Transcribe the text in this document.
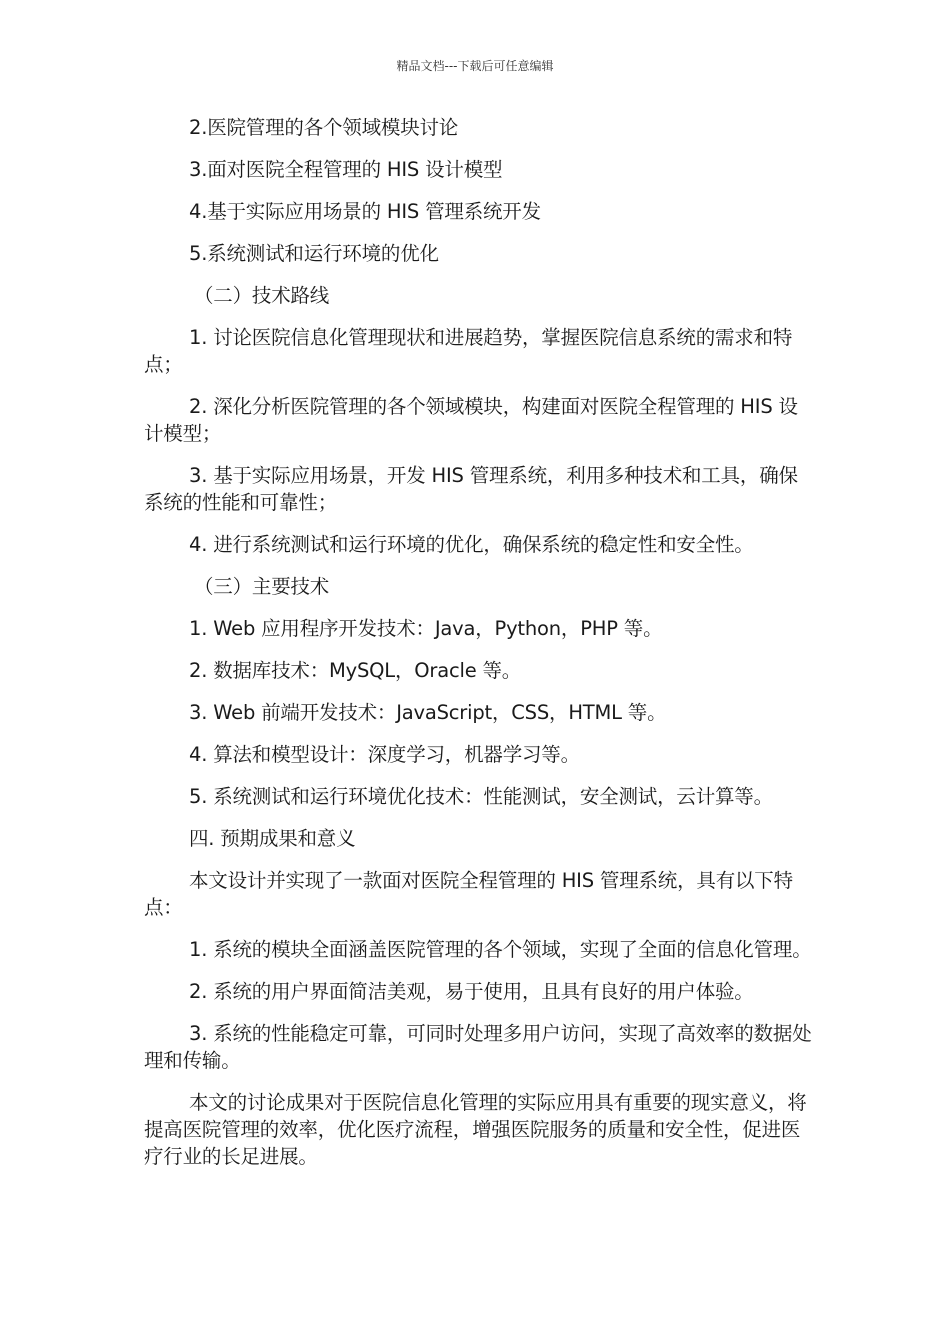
精品文档---下载后可任意编辑

2.医院管理的各个领域模块讨论

3.面对医院全程管理的 HIS 设计模型

4.基于实际应用场景的 HIS 管理系统开发

5.系统测试和运行环境的优化

（二）技术路线

1. 讨论医院信息化管理现状和进展趋势，掌握医院信息系统的需求和特点；

2. 深化分析医院管理的各个领域模块，构建面对医院全程管理的 HIS 设计模型；

3. 基于实际应用场景，开发 HIS 管理系统，利用多种技术和工具，确保系统的性能和可靠性；

4. 进行系统测试和运行环境的优化，确保系统的稳定性和安全性。

（三）主要技术

1. Web 应用程序开发技术：Java，Python，PHP 等。

2. 数据库技术：MySQL，Oracle 等。

3. Web 前端开发技术：JavaScript，CSS，HTML 等。

4. 算法和模型设计：深度学习，机器学习等。

5. 系统测试和运行环境优化技术：性能测试，安全测试，云计算等。

四. 预期成果和意义

本文设计并实现了一款面对医院全程管理的 HIS 管理系统，具有以下特点：

1. 系统的模块全面涵盖医院管理的各个领域，实现了全面的信息化管理。

2. 系统的用户界面简洁美观，易于使用，且具有良好的用户体验。

3. 系统的性能稳定可靠，可同时处理多用户访问，实现了高效率的数据处理和传输。

本文的讨论成果对于医院信息化管理的实际应用具有重要的现实意义，将提高医院管理的效率，优化医疗流程，增强医院服务的质量和安全性，促进医疗行业的长足进展。
